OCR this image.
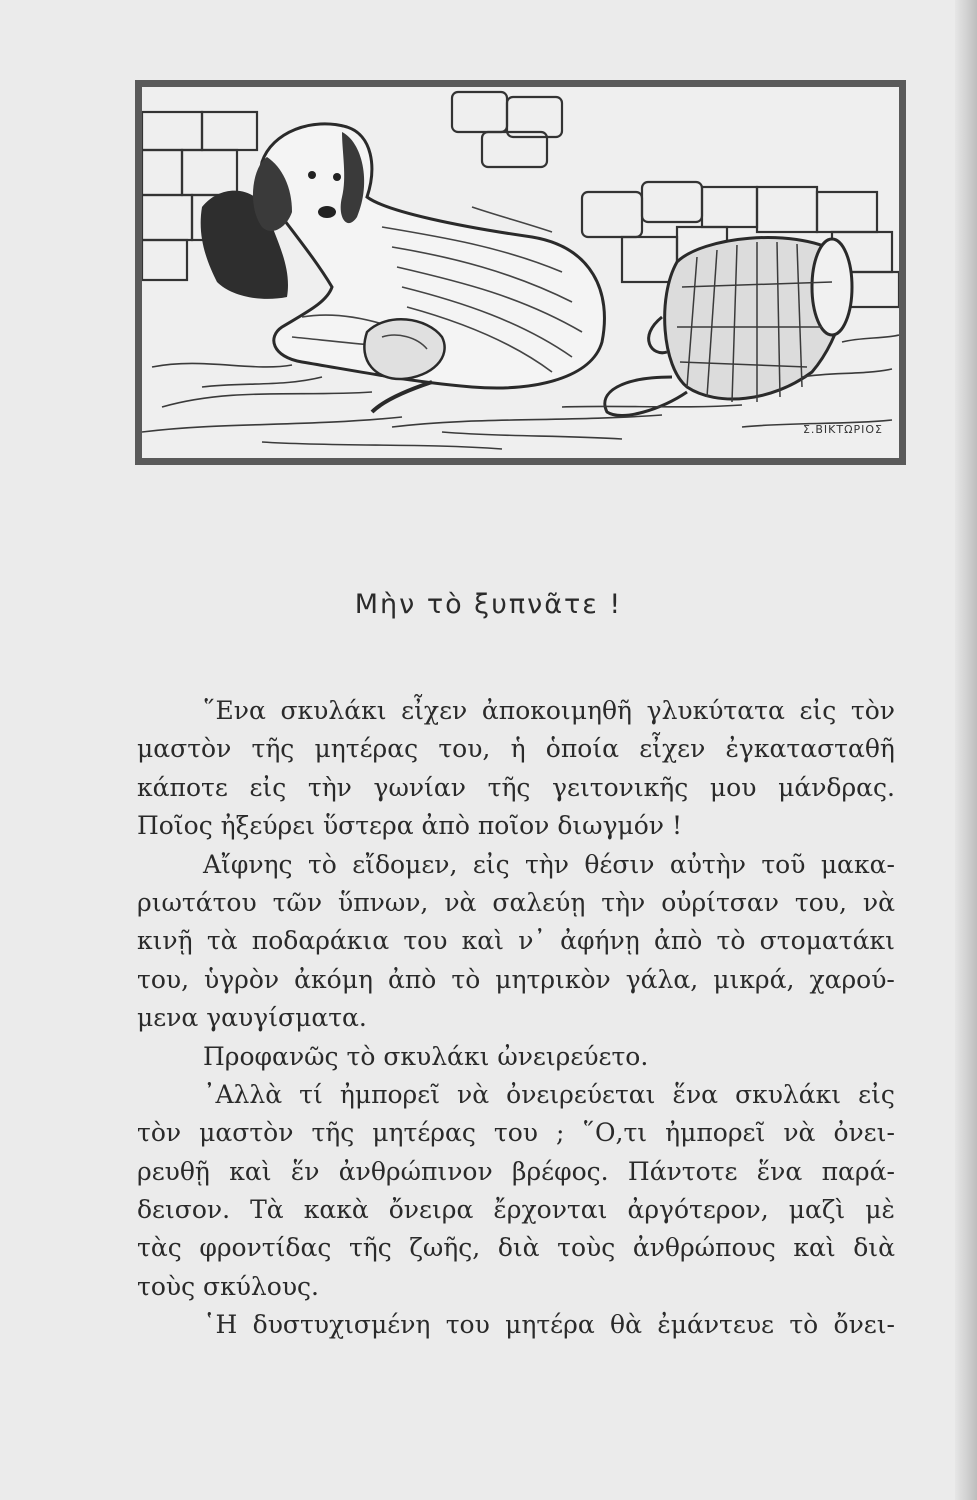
Σ.ΒΙΚΤΩΡΙΟΣ
Μὴν τὸ ξυπνᾶτε !
῞Ενα σκυλάκι εἶχεν ἀποκοιμηθῆ γλυκύτατα εἰς τὸν
μαστὸν τῆς μητέρας του, ἡ ὁποία εἶχεν ἐγκατασταθῆ
κάποτε εἰς τὴν γωνίαν τῆς γειτονικῆς μου μάνδρας.
Ποῖος ἠξεύρει ὕστερα ἀπὸ ποῖον διωγμόν !
Αἴφνης τὸ εἴδομεν, εἰς τὴν θέσιν αὐτὴν τοῦ μακα-
ριωτάτου τῶν ὕπνων, νὰ σαλεύῃ τὴν οὐρίτσαν του, νὰ
κινῇ τὰ ποδαράκια του καὶ ν᾿ ἀφήνῃ ἀπὸ τὸ στοματάκι
του, ὑγρὸν ἀκόμη ἀπὸ τὸ μητρικὸν γάλα, μικρά, χαρού-
μενα γαυγίσματα.
Προφανῶς τὸ σκυλάκι ὠνειρεύετο.
᾿Αλλὰ τί ἠμπορεῖ νὰ ὀνειρεύεται ἕνα σκυλάκι εἰς
τὸν μαστὸν τῆς μητέρας του ; ῞Ο,τι ἠμπορεῖ νὰ ὀνει-
ρευθῇ καὶ ἕν ἀνθρώπινον βρέφος. Πάντοτε ἕνα παρά-
δεισον. Τὰ κακὰ ὄνειρα ἔρχονται ἀργότερον, μαζὶ μὲ
τὰς φροντίδας τῆς ζωῆς, διὰ τοὺς ἀνθρώπους καὶ διὰ
τοὺς σκύλους.
῾Η δυστυχισμένη του μητέρα θὰ ἐμάντευε τὸ ὄνει-
